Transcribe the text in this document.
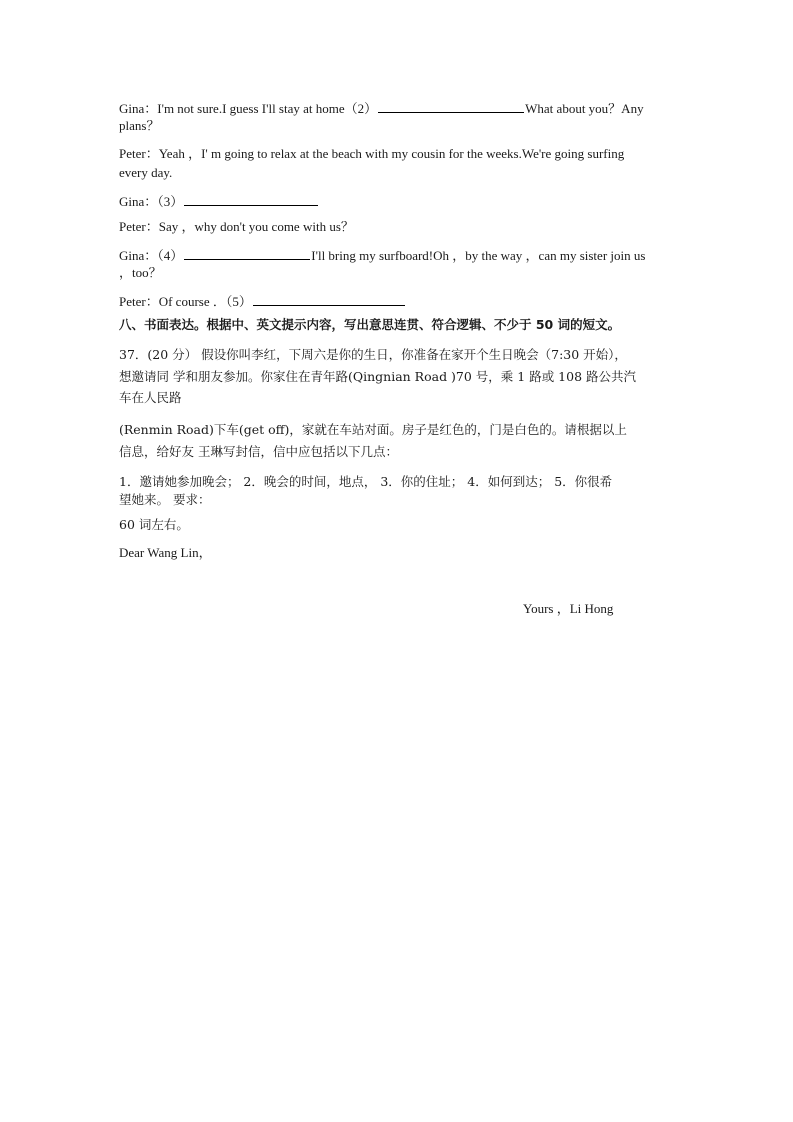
Gina：I'm not sure.I guess I'll stay at home（2）	What about you？Any
plans？
Peter：Yeah ，I' m going to relax at the beach with my cousin for the weeks.We're going surfing
every day.
Gina：（3）
Peter：Say ，why don't you come with us？
Gina：（4）	I'll bring my surfboard!Oh ，by the way ，can my sister join us
，too？
Peter：Of course ．（5）
八、书面表达。根据中、英文提示内容，写出意思连贯、符合逻辑、不少于 50 词的短文。
37．(20 分） 假设你叫李红，下周六是你的生日，你准备在家开个生日晚会（7:30 开始），
想邀请同 学和朋友参加。你家住在青年路(Qingnian Road )70 号，乘 1 路或 108 路公共汽
车在人民路
(Renmin Road)下车(get off)，家就在车站对面。房子是红色的，门是白色的。请根据以上
信息，给好友 王琳写封信，信中应包括以下几点：
1．邀请她参加晚会； 2．晚会的时间，地点， 3．你的住址； 4．如何到达； 5．你很希
望她来。 要求：
60 词左右。
Dear Wang Lin，
Yours ，Li Hong
